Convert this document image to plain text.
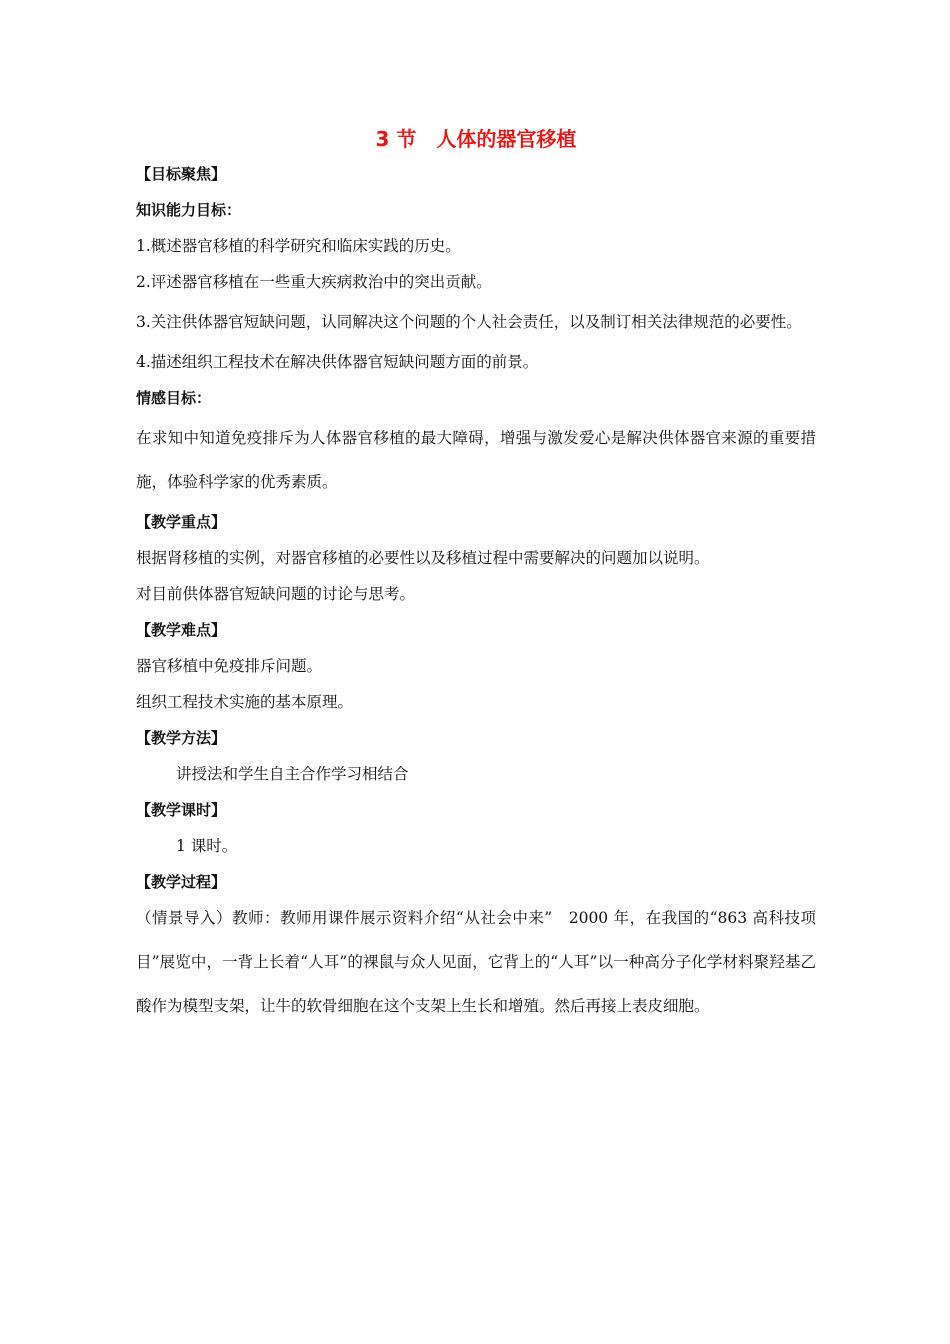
3 节　人体的器官移植

【目标聚焦】

知识能力目标：

1.概述器官移植的科学研究和临床实践的历史。

2.评述器官移植在一些重大疾病救治中的突出贡献。

3.关注供体器官短缺问题，认同解决这个问题的个人社会责任，以及制订相关法律规范的必要性。

4.描述组织工程技术在解决供体器官短缺问题方面的前景。

情感目标：

在求知中知道免疫排斥为人体器官移植的最大障碍，增强与激发爱心是解决供体器官来源的重要措施，体验科学家的优秀素质。

【教学重点】

根据肾移植的实例，对器官移植的必要性以及移植过程中需要解决的问题加以说明。

对目前供体器官短缺问题的讨论与思考。

【教学难点】

器官移植中免疫排斥问题。

组织工程技术实施的基本原理。

【教学方法】

讲授法和学生自主合作学习相结合

【教学课时】

1 课时。

【教学过程】

（情景导入）教师：教师用课件展示资料介绍“从社会中来”　2000 年，在我国的“863 高科技项目”展览中，一背上长着“人耳”的裸鼠与众人见面，它背上的“人耳”以一种高分子化学材料聚羟基乙酸作为模型支架，让牛的软骨细胞在这个支架上生长和增殖。然后再接上表皮细胞。
